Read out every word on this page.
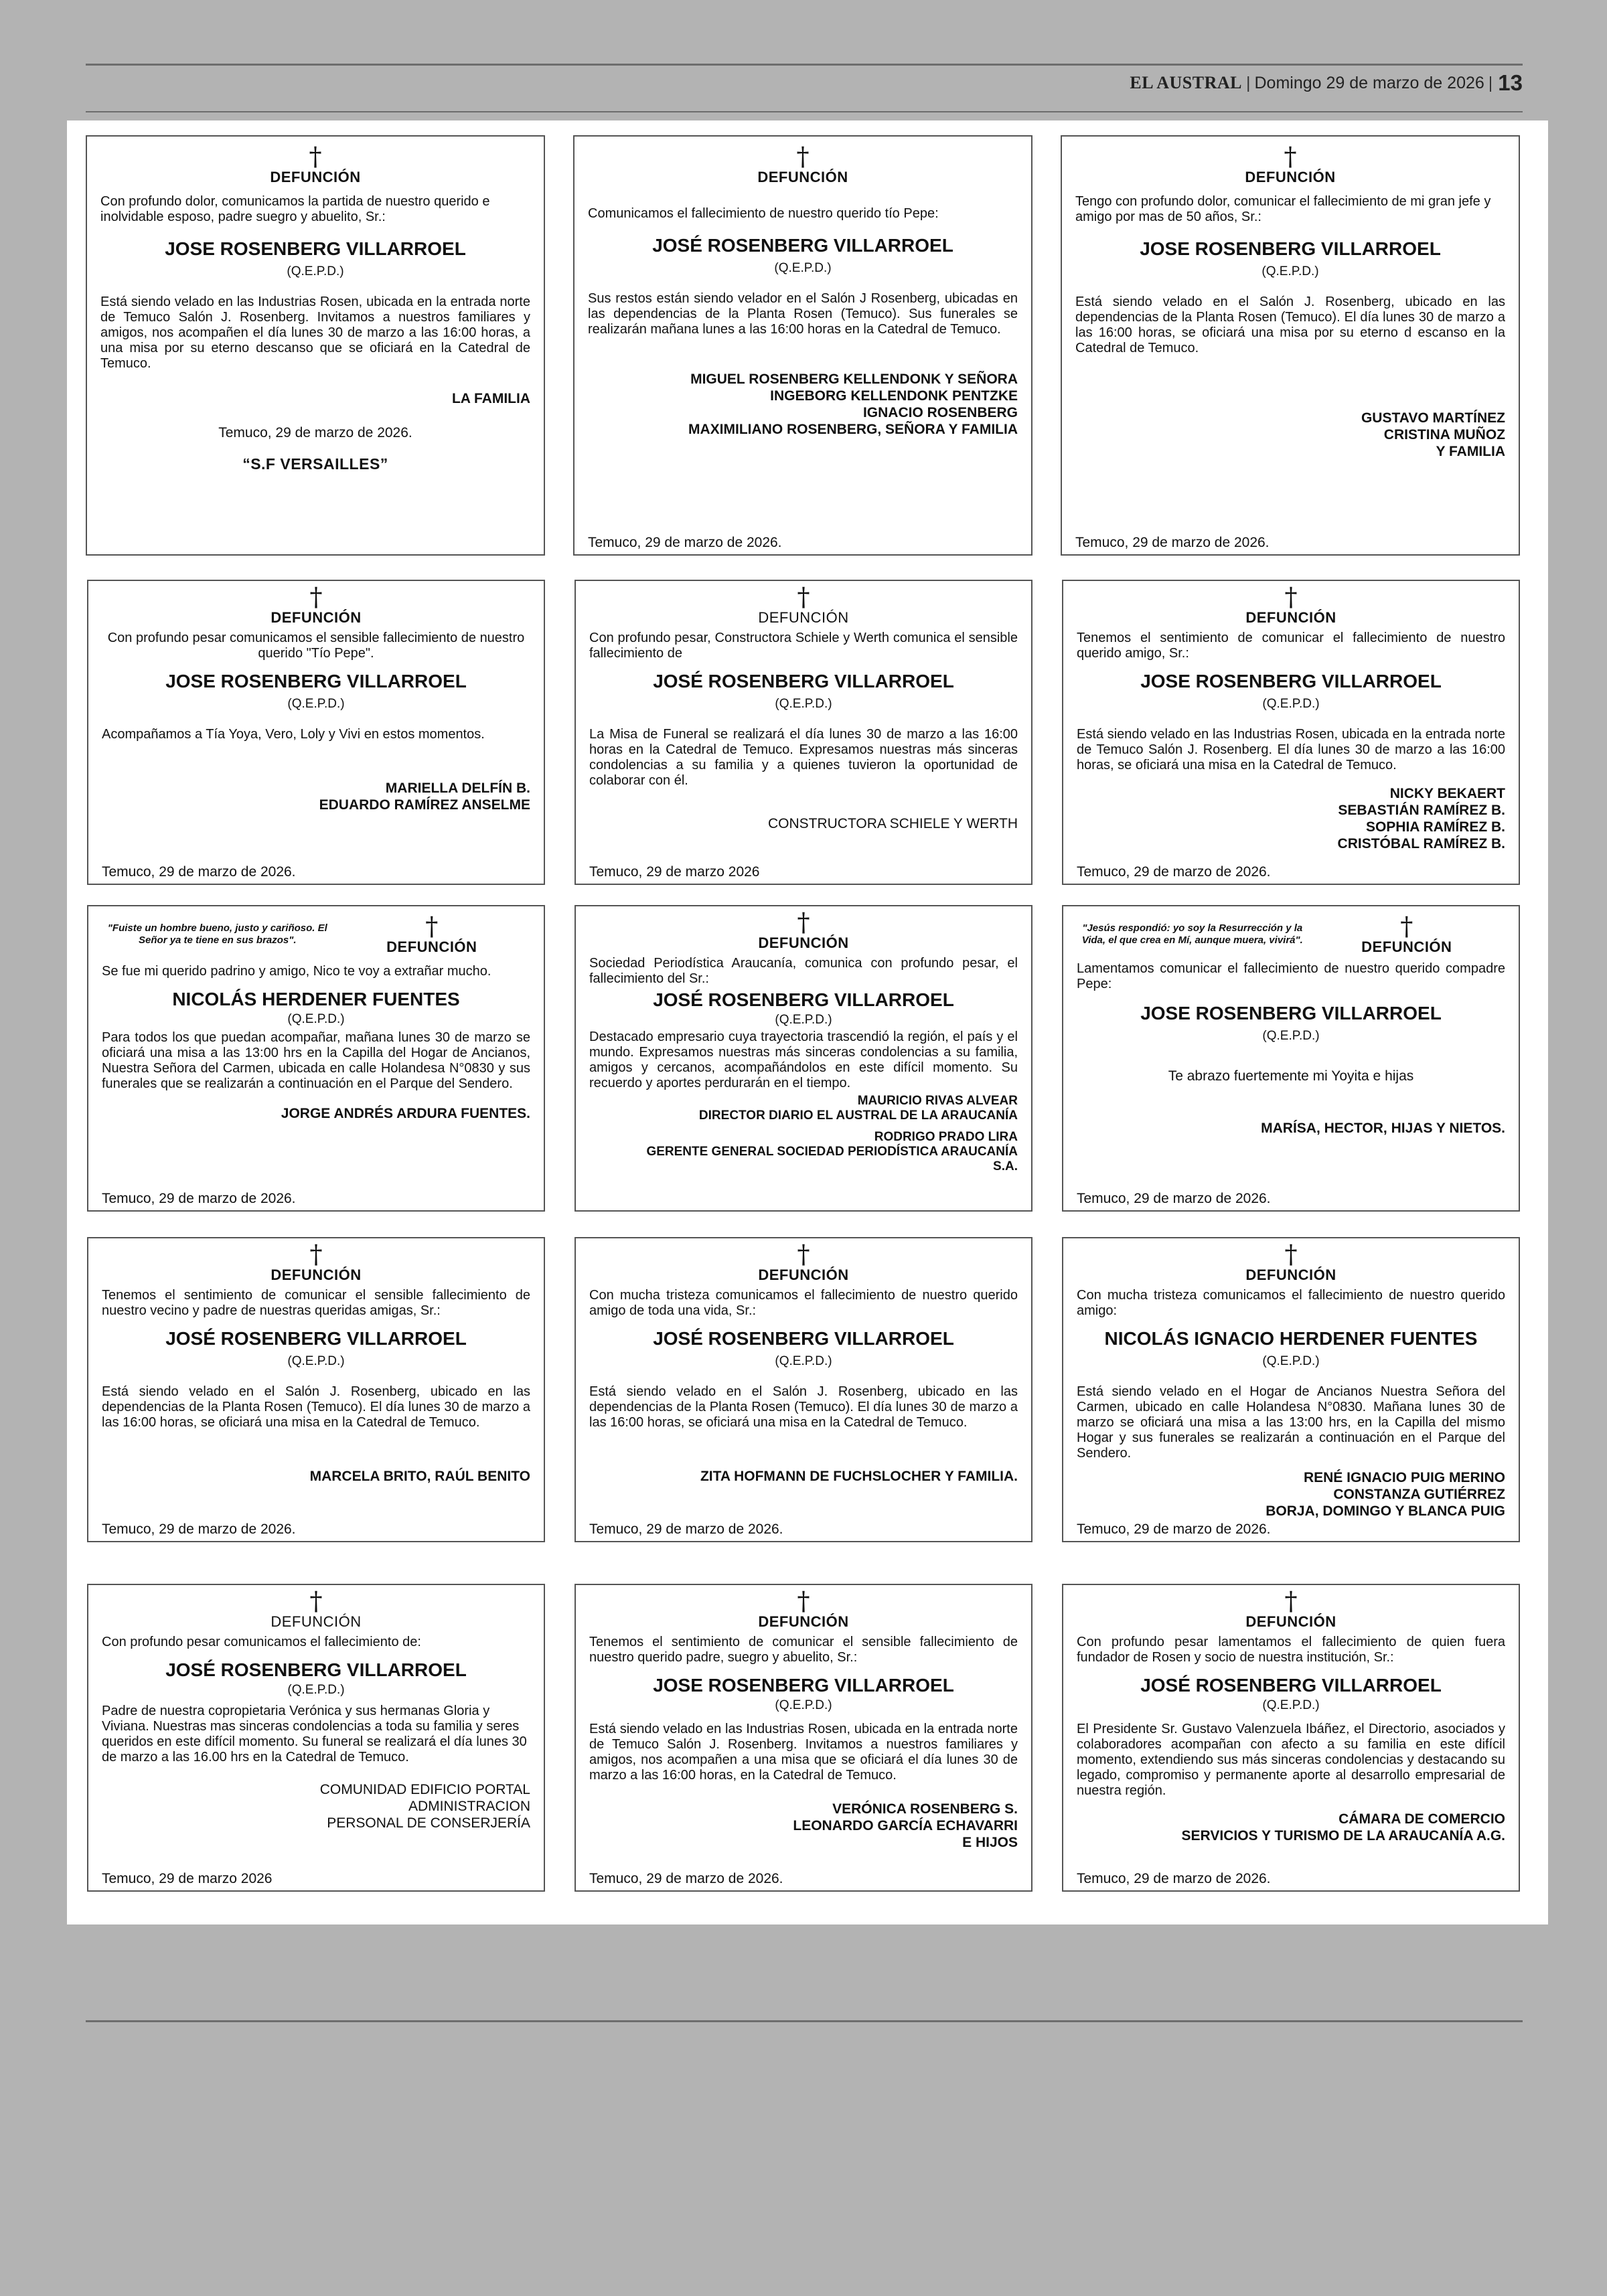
EL AUSTRAL | Domingo 29 de marzo de 2026 | 13
†
DEFUNCIÓN
Con profundo dolor, comunicamos la partida de nuestro querido e inolvidable esposo, padre suegro y abuelito, Sr.:
JOSE ROSENBERG VILLARROEL
(Q.E.P.D.)
Está siendo velado en las Industrias Rosen, ubicada en la entrada norte de Temuco Salón J. Rosenberg. Invitamos a nuestros familiares y amigos, nos acompañen el día lunes 30 de marzo a las 16:00 horas, a una misa por su eterno descanso que se oficiará en la Catedral de Temuco.
LA FAMILIA
Temuco, 29 de marzo de 2026.
“S.F VERSAILLES”
†
DEFUNCIÓN
Comunicamos el fallecimiento de nuestro querido tío Pepe:
JOSÉ ROSENBERG VILLARROEL
(Q.E.P.D.)
Sus restos están siendo velador en el Salón J Rosenberg, ubicadas en las dependencias de la Planta Rosen (Temuco). Sus funerales se realizarán mañana lunes a las 16:00 horas en la Catedral de Temuco.
MIGUEL ROSENBERG KELLENDONK Y SEÑORA
INGEBORG KELLENDONK PENTZKE
IGNACIO ROSENBERG
MAXIMILIANO ROSENBERG, SEÑORA Y FAMILIA
Temuco, 29 de marzo de 2026.
†
DEFUNCIÓN
Tengo con profundo dolor, comunicar el fallecimiento de mi gran jefe y amigo por mas de 50 años, Sr.:
JOSE ROSENBERG VILLARROEL
(Q.E.P.D.)
Está siendo velado en el Salón J. Rosenberg, ubicado en las dependencias de la Planta Rosen (Temuco). El día lunes 30 de marzo a las 16:00 horas, se oficiará una misa por su eterno d escanso en la Catedral de Temuco.
GUSTAVO MARTÍNEZ
CRISTINA MUÑOZ
Y FAMILIA
Temuco, 29 de marzo de 2026.
†
DEFUNCIÓN
Con profundo pesar comunicamos el sensible fallecimiento de nuestro querido "Tío Pepe".
JOSE ROSENBERG VILLARROEL
(Q.E.P.D.)
Acompañamos a Tía Yoya, Vero, Loly y Vivi en estos momentos.
MARIELLA DELFÍN B.
EDUARDO RAMÍREZ ANSELME
Temuco, 29 de marzo de 2026.
†
DEFUNCIÓN
Con profundo pesar, Constructora Schiele y Werth comunica el sensible fallecimiento de
JOSÉ ROSENBERG VILLARROEL
(Q.E.P.D.)
La Misa de Funeral se realizará el día lunes 30 de marzo a las 16:00 horas en la Catedral de Temuco. Expresamos nuestras más sinceras condolencias a su familia y a quienes tuvieron la oportunidad de colaborar con él.
CONSTRUCTORA SCHIELE Y WERTH
Temuco, 29 de marzo 2026
†
DEFUNCIÓN
Tenemos el sentimiento de comunicar el fallecimiento de nuestro querido amigo, Sr.:
JOSE ROSENBERG VILLARROEL
(Q.E.P.D.)
Está siendo velado en las Industrias Rosen, ubicada en la entrada norte de Temuco Salón J. Rosenberg. El día lunes 30 de marzo a las 16:00 horas, se oficiará una misa en la Catedral de Temuco.
NICKY BEKAERT
SEBASTIÁN RAMÍREZ B.
SOPHIA RAMÍREZ B.
CRISTÓBAL RAMÍREZ B.
Temuco, 29 de marzo de 2026.
"Fuiste un hombre bueno, justo y cariñoso. El Señor ya te tiene en sus brazos".	†
DEFUNCIÓN
Se fue mi querido padrino y amigo, Nico te voy a extrañar mucho.
NICOLÁS HERDENER FUENTES
(Q.E.P.D.)
Para todos los que puedan acompañar, mañana lunes 30 de marzo se oficiará una misa a las 13:00 hrs en la Capilla del Hogar de Ancianos, Nuestra Señora del Carmen, ubicada en calle Holandesa N°0830 y sus funerales que se realizarán a continuación en el Parque del Sendero.
JORGE ANDRÉS ARDURA FUENTES.
Temuco, 29 de marzo de 2026.
†
DEFUNCIÓN
Sociedad Periodística Araucanía, comunica con profundo pesar, el fallecimiento del Sr.:
JOSÉ ROSENBERG VILLARROEL
(Q.E.P.D.)
Destacado empresario cuya trayectoria trascendió la región, el país y el mundo. Expresamos nuestras más sinceras condolencias a su familia, amigos y cercanos, acompañándolos en este difícil momento. Su recuerdo y aportes perdurarán en el tiempo.
MAURICIO RIVAS ALVEAR
DIRECTOR DIARIO EL AUSTRAL DE LA ARAUCANÍA
RODRIGO PRADO LIRA
GERENTE GENERAL SOCIEDAD PERIODÍSTICA ARAUCANÍA
S.A.
"Jesús respondió: yo soy la Resurrección y la Vida, el que crea en Mí, aunque muera, vivirá".	†
DEFUNCIÓN
Lamentamos comunicar el fallecimiento de nuestro querido compadre Pepe:
JOSE ROSENBERG VILLARROEL
(Q.E.P.D.)
Te abrazo fuertemente mi Yoyita e hijas
MARÍSA, HECTOR, HIJAS Y NIETOS.
Temuco, 29 de marzo de 2026.
†
DEFUNCIÓN
Tenemos el sentimiento de comunicar el sensible fallecimiento de nuestro vecino y padre de nuestras queridas amigas, Sr.:
JOSÉ ROSENBERG VILLARROEL
(Q.E.P.D.)
Está siendo velado en el Salón J. Rosenberg, ubicado en las dependencias de la Planta Rosen (Temuco). El día lunes 30 de marzo a las 16:00 horas, se oficiará una misa en la Catedral de Temuco.
MARCELA BRITO, RAÚL BENITO
Temuco, 29 de marzo de 2026.
†
DEFUNCIÓN
Con mucha tristeza comunicamos el fallecimiento de nuestro querido amigo de toda una vida, Sr.:
JOSÉ ROSENBERG VILLARROEL
(Q.E.P.D.)
Está siendo velado en el Salón J. Rosenberg, ubicado en las dependencias de la Planta Rosen (Temuco). El día lunes 30 de marzo a las 16:00 horas, se oficiará una misa en la Catedral de Temuco.
ZITA HOFMANN DE FUCHSLOCHER Y FAMILIA.
Temuco, 29 de marzo de 2026.
†
DEFUNCIÓN
Con mucha tristeza comunicamos el fallecimiento de nuestro querido amigo:
NICOLÁS IGNACIO HERDENER FUENTES
(Q.E.P.D.)
Está siendo velado en el Hogar de Ancianos Nuestra Señora del Carmen, ubicado en calle Holandesa N°0830. Mañana lunes 30 de marzo se oficiará una misa a las 13:00 hrs, en la Capilla del mismo Hogar y sus funerales se realizarán a continuación en el Parque del Sendero.
RENÉ IGNACIO PUIG MERINO
CONSTANZA GUTIÉRREZ
BORJA, DOMINGO Y BLANCA PUIG
Temuco, 29 de marzo de 2026.
†
DEFUNCIÓN
Con profundo pesar comunicamos el fallecimiento de:
JOSÉ ROSENBERG VILLARROEL
(Q.E.P.D.)
Padre de nuestra copropietaria Verónica y sus hermanas Gloria y Viviana. Nuestras mas sinceras condolencias a toda su familia y seres queridos en este difícil momento. Su funeral se realizará el día lunes 30 de marzo a las 16.00 hrs en la Catedral de Temuco.
COMUNIDAD EDIFICIO PORTAL
ADMINISTRACION
PERSONAL DE CONSERJERÍA
Temuco, 29 de marzo 2026
†
DEFUNCIÓN
Tenemos el sentimiento de comunicar el sensible fallecimiento de nuestro querido padre, suegro y abuelito, Sr.:
JOSE ROSENBERG VILLARROEL
(Q.E.P.D.)
Está siendo velado en las Industrias Rosen, ubicada en la entrada norte de Temuco Salón J. Rosenberg. Invitamos a nuestros familiares y amigos, nos acompañen a una misa que se oficiará el día lunes 30 de marzo a las 16:00 horas, en la Catedral de Temuco.
VERÓNICA ROSENBERG S.
LEONARDO GARCÍA ECHAVARRI
E HIJOS
Temuco, 29 de marzo de 2026.
†
DEFUNCIÓN
Con profundo pesar lamentamos el fallecimiento de quien fuera fundador de Rosen y socio de nuestra institución, Sr.:
JOSÉ ROSENBERG VILLARROEL
(Q.E.P.D.)
El Presidente Sr. Gustavo Valenzuela Ibáñez, el Directorio, asociados y colaboradores acompañan con afecto a su familia en este difícil momento, extendiendo sus más sinceras condolencias y destacando su legado, compromiso y permanente aporte al desarrollo empresarial de nuestra región.
CÁMARA DE COMERCIO
SERVICIOS Y TURISMO DE LA ARAUCANÍA A.G.
Temuco, 29 de marzo de 2026.
